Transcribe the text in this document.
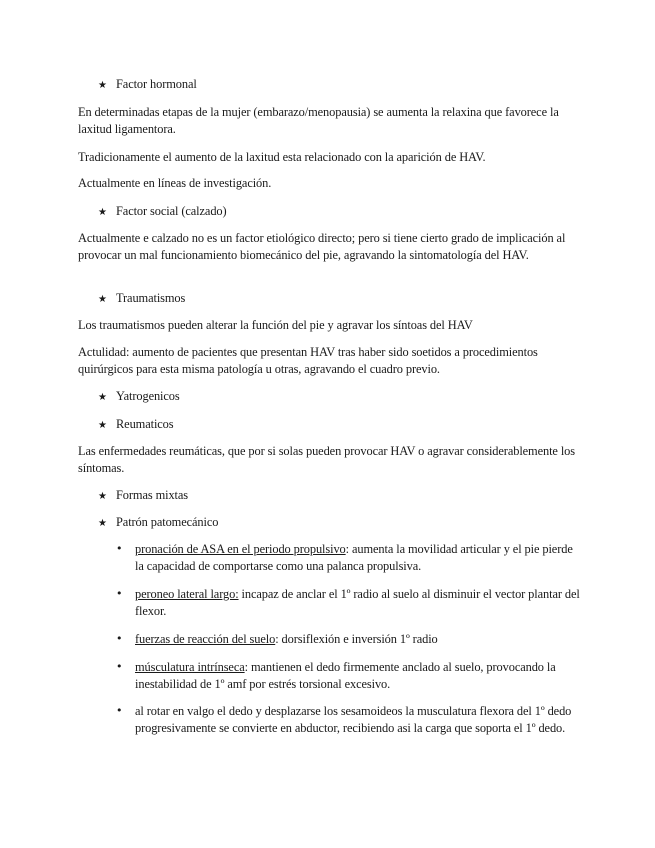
★ Factor hormonal

En determinadas etapas de la mujer (embarazo/menopausia) se aumenta la relaxina que favorece la laxitud ligamentora.

Tradicionamente el aumento de la laxitud esta relacionado con la aparición de HAV.

Actualmente en líneas de investigación.

★ Factor social (calzado)

Actualmente e calzado no es un factor etiológico directo; pero si tiene cierto grado de implicación al provocar un mal funcionamiento biomecánico del pie, agravando la sintomatología del HAV.

★ Traumatismos

Los traumatismos pueden alterar la función del pie y agravar los síntoas del HAV

Actulidad: aumento de pacientes que presentan HAV tras haber sido soetidos a procedimientos quirúrgicos para esta misma patología u otras, agravando el cuadro previo.

★ Yatrogenicos

★ Reumaticos

Las enfermedades reumáticas, que por si solas pueden provocar HAV o agravar considerablemente los síntomas.

★ Formas mixtas

★ Patrón patomecánico

• pronación de ASA en el periodo propulsivo: aumenta la movilidad articular y el pie pierde la capacidad de comportarse como una palanca propulsiva.

• peroneo lateral largo: incapaz de anclar el 1º radio al suelo al disminuir el vector plantar del flexor.

• fuerzas de reacción del suelo: dorsiflexión e inversión 1º radio

• músculatura intrínseca: mantienen el dedo firmemente anclado al suelo, provocando la inestabilidad de 1º amf por estrés torsional excesivo.

• al rotar en valgo el dedo y desplazarse los sesamoideos la musculatura flexora del 1º dedo progresivamente se convierte en abductor, recibiendo asi la carga que soporta el 1º dedo.
